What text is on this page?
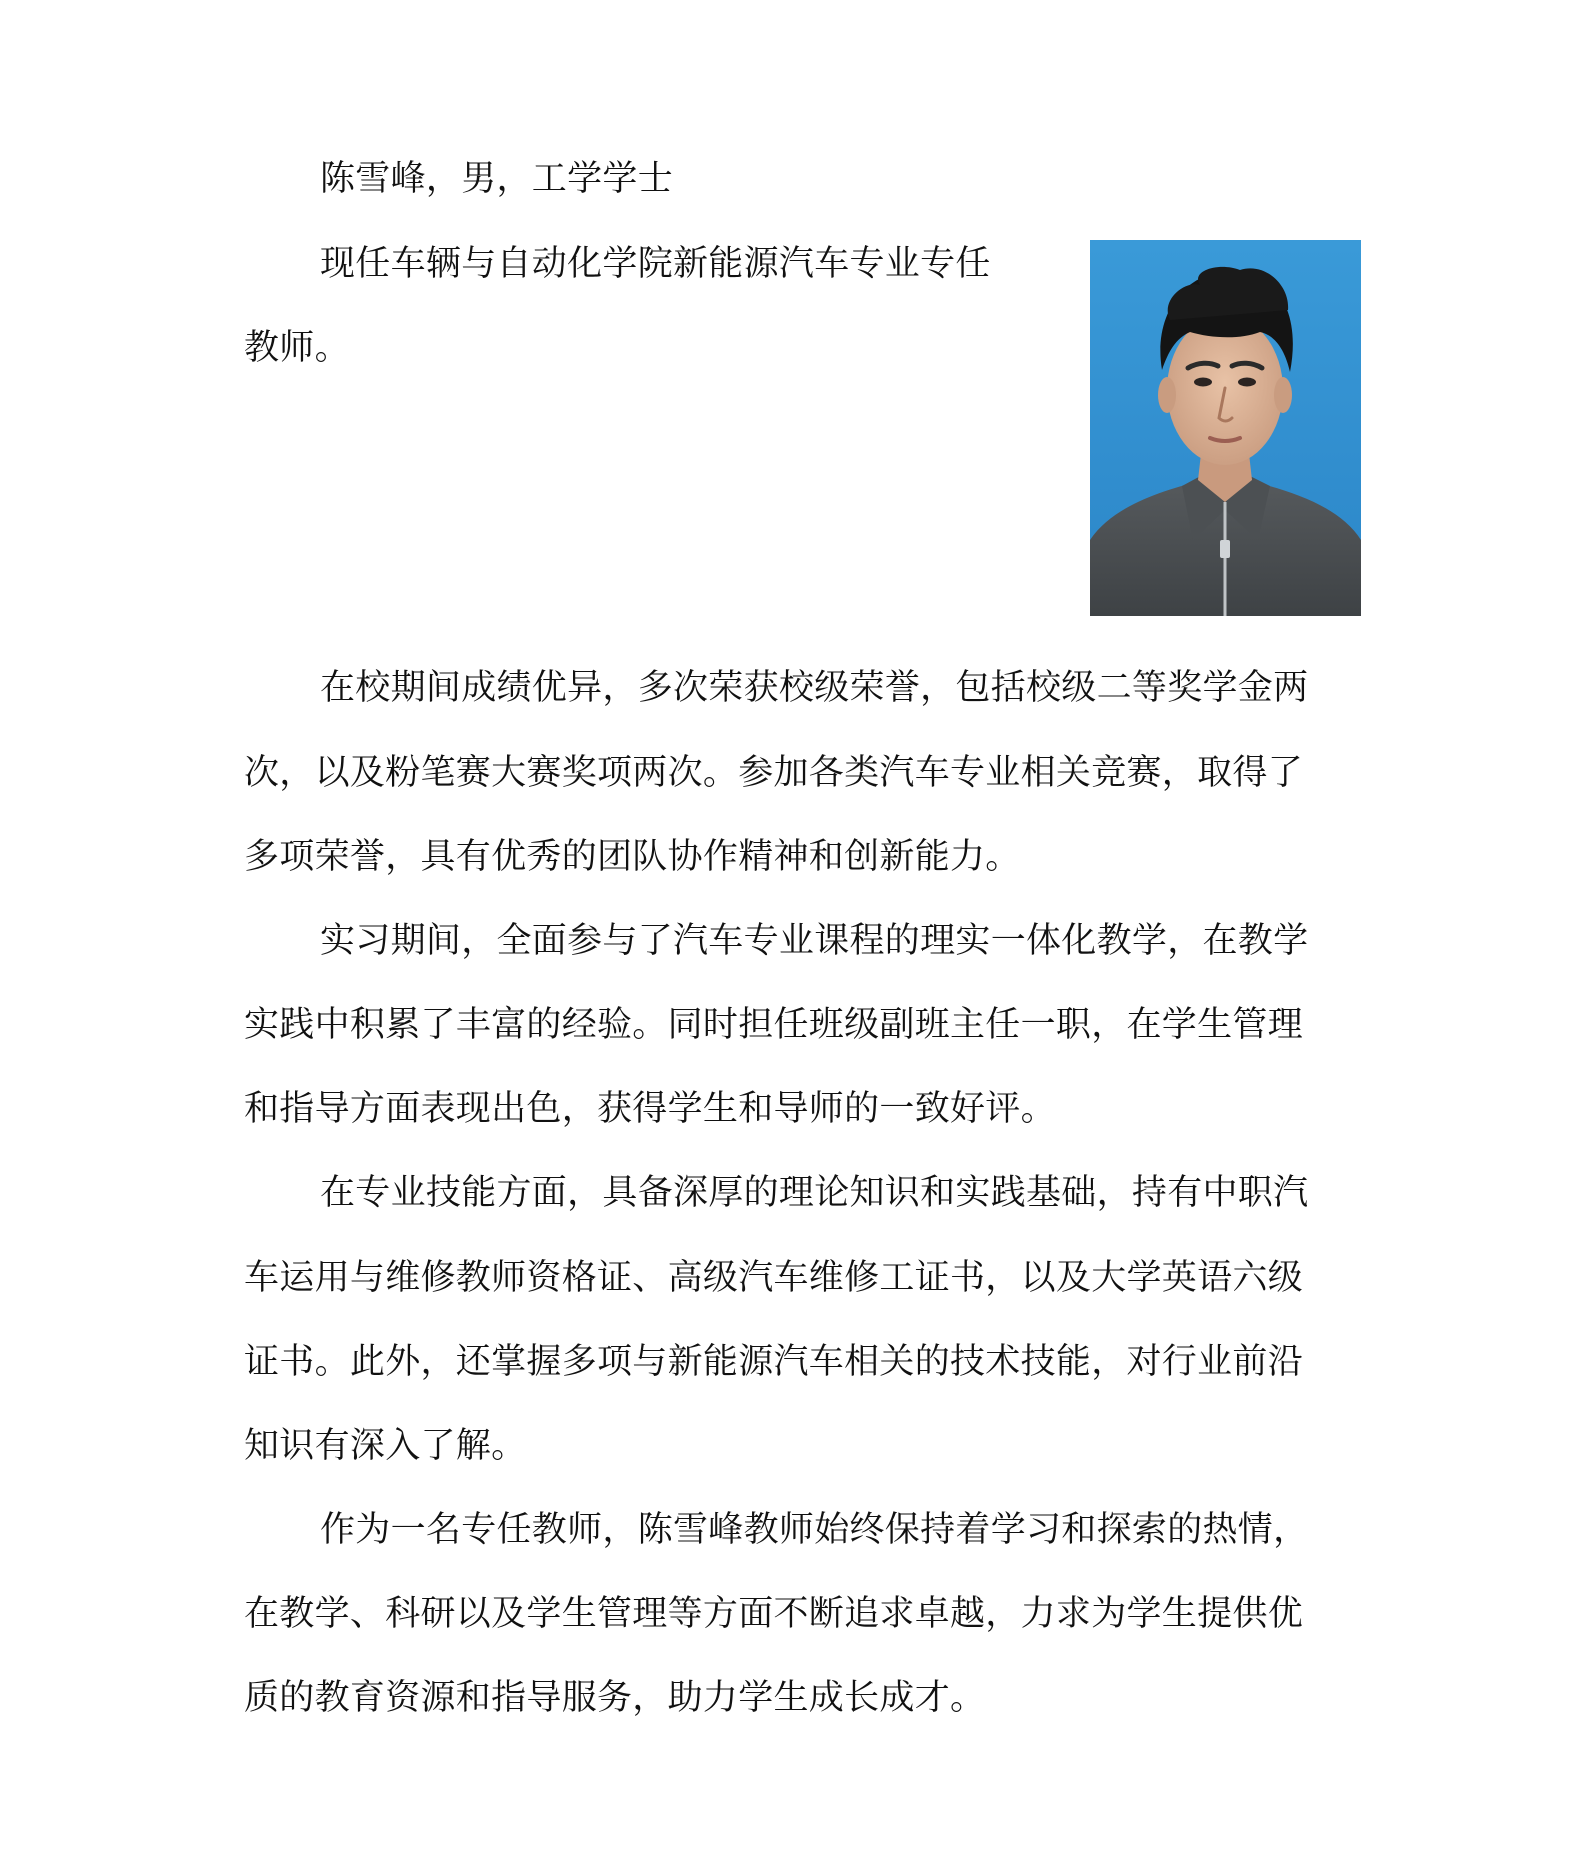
陈雪峰，男，工学学士
现任车辆与自动化学院新能源汽车专业专任
教师。
在校期间成绩优异，多次荣获校级荣誉，包括校级二等奖学金两
次，以及粉笔赛大赛奖项两次。参加各类汽车专业相关竞赛，取得了
多项荣誉，具有优秀的团队协作精神和创新能力。
实习期间，全面参与了汽车专业课程的理实一体化教学，在教学
实践中积累了丰富的经验。同时担任班级副班主任一职，在学生管理
和指导方面表现出色，获得学生和导师的一致好评。
在专业技能方面，具备深厚的理论知识和实践基础，持有中职汽
车运用与维修教师资格证、高级汽车维修工证书，以及大学英语六级
证书。此外，还掌握多项与新能源汽车相关的技术技能，对行业前沿
知识有深入了解。
作为一名专任教师，陈雪峰教师始终保持着学习和探索的热情，
在教学、科研以及学生管理等方面不断追求卓越，力求为学生提供优
质的教育资源和指导服务，助力学生成长成才。
